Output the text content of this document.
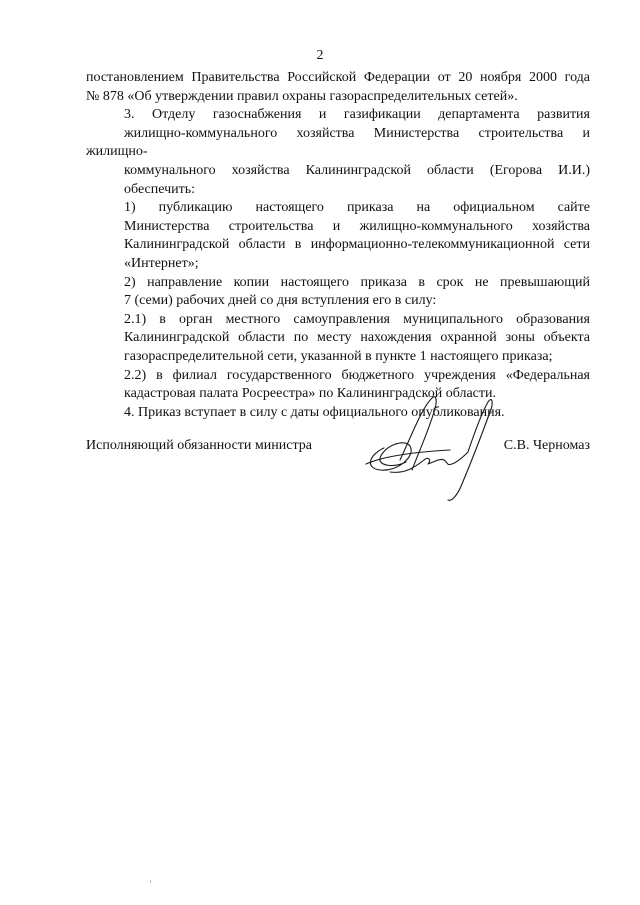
2

постановлением Правительства Российской Федерации от 20 ноября 2000 года
№ 878 «Об утверждении правил охраны газораспределительных сетей».

3. Отделу газоснабжения и газификации департамента развития
жилищно-коммунального хозяйства Министерства строительства и жилищно-
коммунального хозяйства Калининградской области (Егорова И.И.)
обеспечить:

1) публикацию настоящего приказа на официальном сайте
Министерства строительства и жилищно-коммунального хозяйства
Калининградской области в информационно-телекоммуникационной сети
«Интернет»;

2) направление копии настоящего приказа в срок не превышающий
7 (семи) рабочих дней со дня вступления его в силу:

2.1) в орган местного самоуправления муниципального образования
Калининградской области по месту нахождения охранной зоны объекта
газораспределительной сети, указанной в пункте 1 настоящего приказа;

2.2) в филиал государственного бюджетного учреждения «Федеральная
кадастровая палата Росреестра» по Калининградской области.

4. Приказ вступает в силу с даты официального опубликования.

Исполняющий обязанности министра	С.В. Черномаз
